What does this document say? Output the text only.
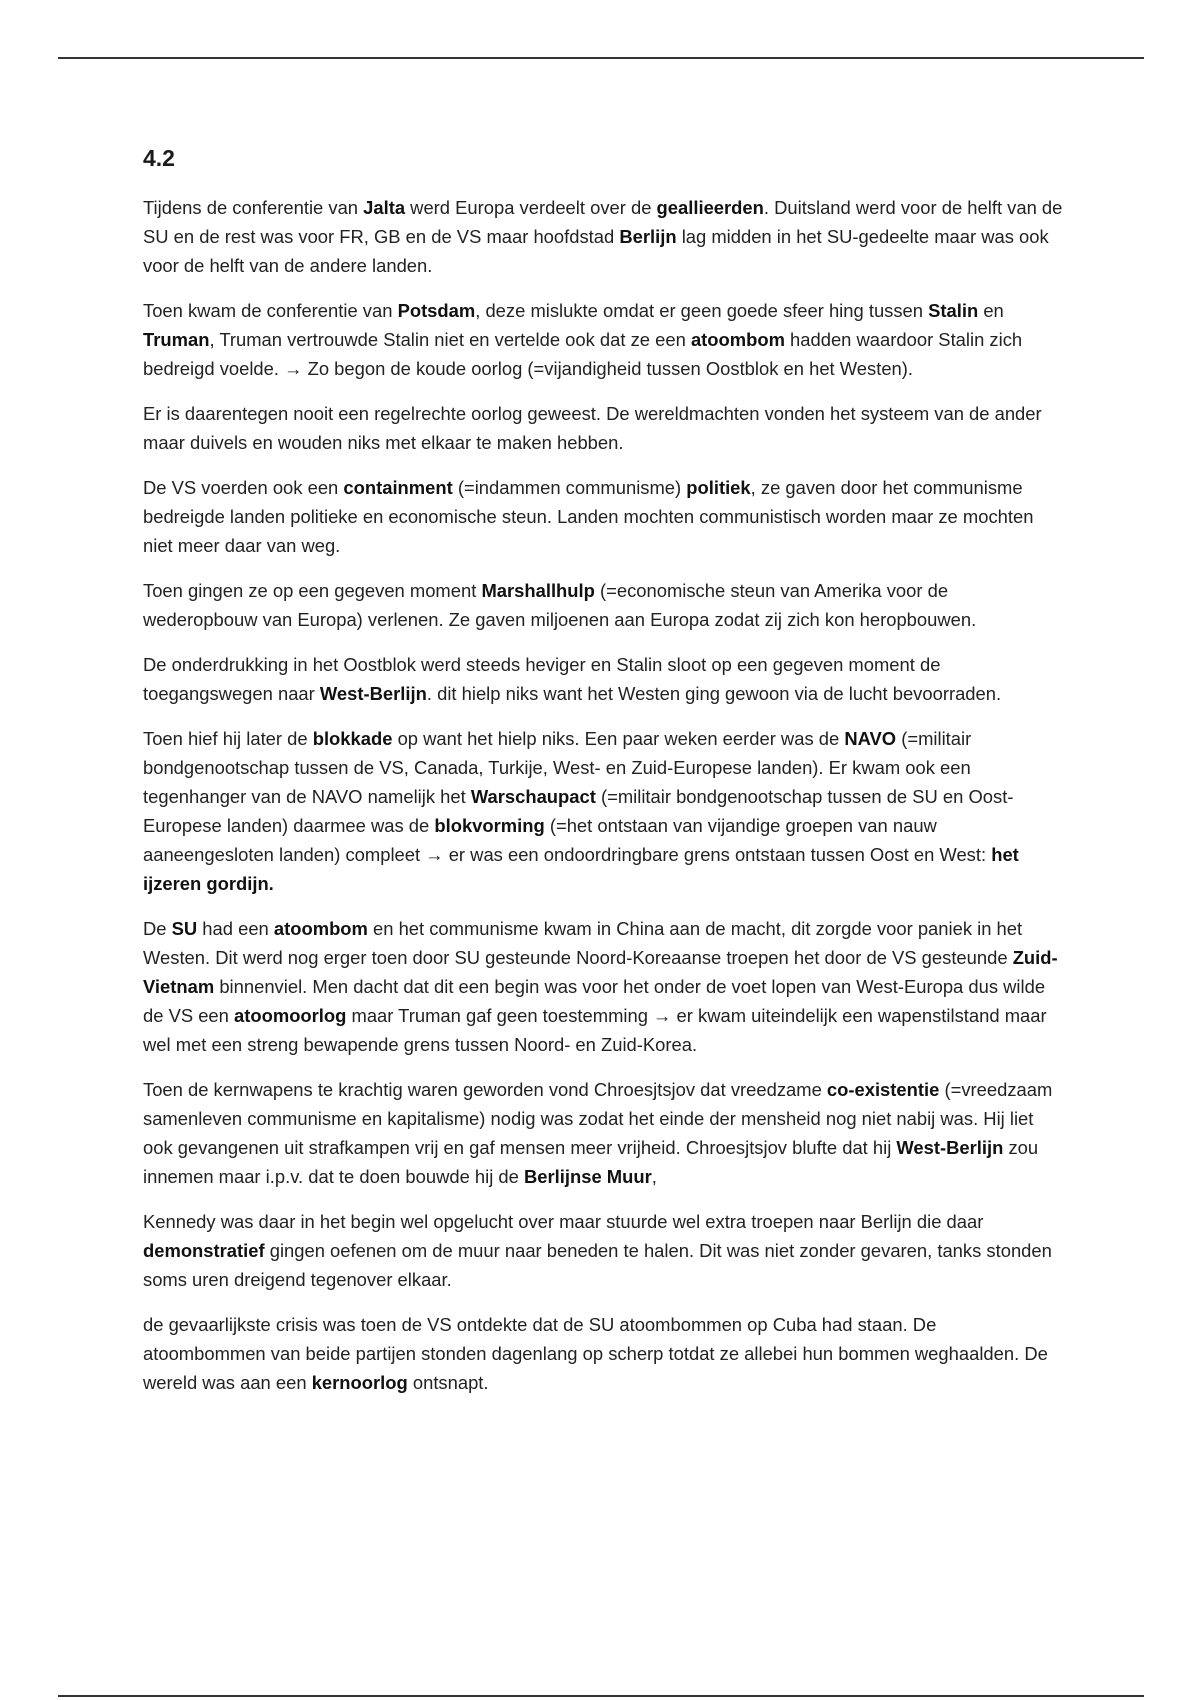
4.2

Tijdens de conferentie van Jalta werd Europa verdeelt over de geallieerden. Duitsland werd voor de helft van de SU en de rest was voor FR, GB en de VS maar hoofdstad Berlijn lag midden in het SU-gedeelte maar was ook voor de helft van de andere landen.

Toen kwam de conferentie van Potsdam, deze mislukte omdat er geen goede sfeer hing tussen Stalin en Truman, Truman vertrouwde Stalin niet en vertelde ook dat ze een atoombom hadden waardoor Stalin zich bedreigd voelde. → Zo begon de koude oorlog (=vijandigheid tussen Oostblok en het Westen).

Er is daarentegen nooit een regelrechte oorlog geweest. De wereldmachten vonden het systeem van de ander maar duivels en wouden niks met elkaar te maken hebben.

De VS voerden ook een containment (=indammen communisme) politiek, ze gaven door het communisme bedreigde landen politieke en economische steun. Landen mochten communistisch worden maar ze mochten niet meer daar van weg.

Toen gingen ze op een gegeven moment Marshallhulp (=economische steun van Amerika voor de wederopbouw van Europa) verlenen. Ze gaven miljoenen aan Europa zodat zij zich kon heropbouwen.

De onderdrukking in het Oostblok werd steeds heviger en Stalin sloot op een gegeven moment de toegangswegen naar West-Berlijn. dit hielp niks want het Westen ging gewoon via de lucht bevoorraden.

Toen hief hij later de blokkade op want het hielp niks. Een paar weken eerder was de NAVO (=militair bondgenootschap tussen de VS, Canada, Turkije, West- en Zuid-Europese landen). Er kwam ook een tegenhanger van de NAVO namelijk het Warschaupact (=militair bondgenootschap tussen de SU en Oost-Europese landen) daarmee was de blokvorming (=het ontstaan van vijandige groepen van nauw aaneengesloten landen) compleet → er was een ondoordringbare grens ontstaan tussen Oost en West: het ijzeren gordijn.

De SU had een atoombom en het communisme kwam in China aan de macht, dit zorgde voor paniek in het Westen. Dit werd nog erger toen door SU gesteunde Noord-Koreaanse troepen het door de VS gesteunde Zuid-Vietnam binnenviel. Men dacht dat dit een begin was voor het onder de voet lopen van West-Europa dus wilde de VS een atoomoorlog maar Truman gaf geen toestemming → er kwam uiteindelijk een wapenstilstand maar wel met een streng bewapende grens tussen Noord- en Zuid-Korea.

Toen de kernwapens te krachtig waren geworden vond Chroesjtsjov dat vreedzame co-existentie (=vreedzaam samenleven communisme en kapitalisme) nodig was zodat het einde der mensheid nog niet nabij was. Hij liet ook gevangenen uit strafkampen vrij en gaf mensen meer vrijheid. Chroesjtsjov blufte dat hij West-Berlijn zou innemen maar i.p.v. dat te doen bouwde hij de Berlijnse Muur,

Kennedy was daar in het begin wel opgelucht over maar stuurde wel extra troepen naar Berlijn die daar demonstratief gingen oefenen om de muur naar beneden te halen. Dit was niet zonder gevaren, tanks stonden soms uren dreigend tegenover elkaar.

de gevaarlijkste crisis was toen de VS ontdekte dat de SU atoombommen op Cuba had staan. De atoombommen van beide partijen stonden dagenlang op scherp totdat ze allebei hun bommen weghaalden. De wereld was aan een kernoorlog ontsnapt.
